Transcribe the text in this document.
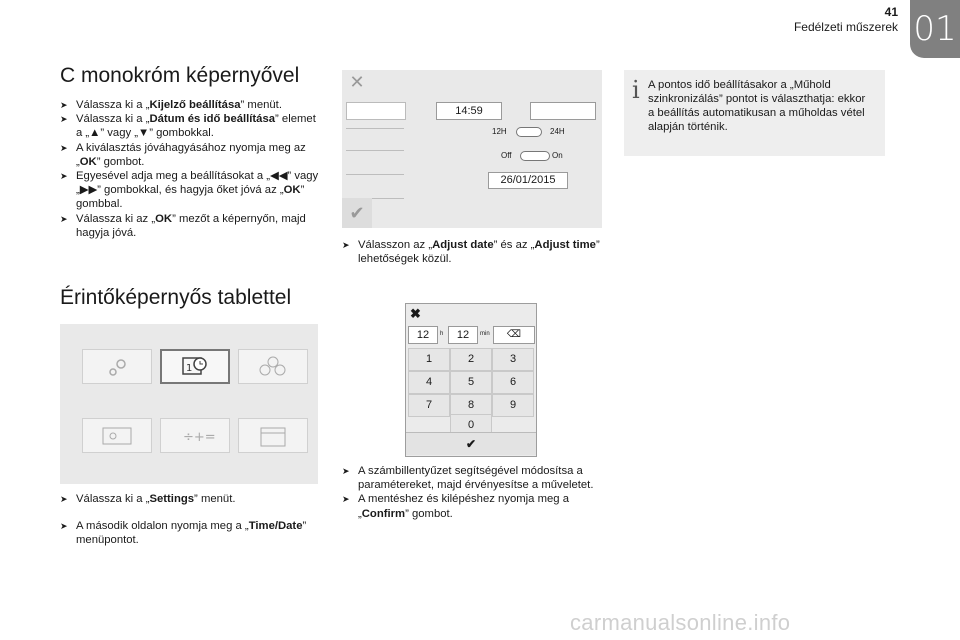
41
Fedélzeti műszerek 01
C monokróm képernyővel
➤ Válassza ki a „Kijelző beállítása” menüt.
➤ Válassza ki a „Dátum és idő beállítása” elemet a „▲” vagy „▼” gombokkal.
➤ A kiválasztás jóváhagyásához nyomja meg az „OK” gombot.
➤ Egyesével adja meg a beállításokat a „◀◀” vagy „▶▶” gombokkal, és hagyja őket jóvá az „OK” gombbal.
➤ Válassza ki az „OK” mezőt a képernyőn, majd hagyja jóvá.
Érintőképernyős tablettel
1
÷+=
➤ Válassza ki a „Settings” menüt.
➤ A második oldalon nyomja meg a „Time/Date” menüpontot.
✕
14:59
12H	24H
Off	On
26/01/2015
✔
➤ Válasszon az „Adjust date” és az „Adjust time” lehetőségek közül.
✖
12	h	12	min	⌫
1	2	3
4	5	6
7	8	9
0
✔
➤ A számbillentyűzet segítségével módosítsa a paramétereket, majd érvényesítse a műveletet.
➤ A mentéshez és kilépéshez nyomja meg a „Confirm” gombot.
i A pontos idő beállításakor a „Műhold szinkronizálás” pontot is választhatja: ekkor a beállítás automatikusan a műholdas vétel alapján történik.
carmanualsonline.info
